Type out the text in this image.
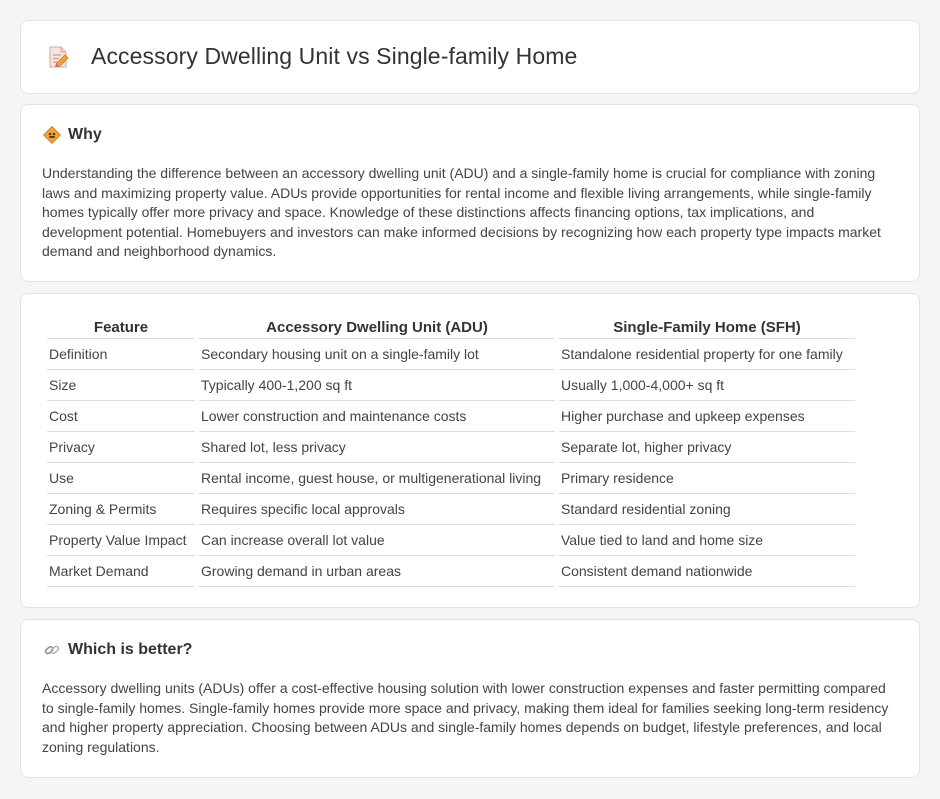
Accessory Dwelling Unit vs Single-family Home
Why

Understanding the difference between an accessory dwelling unit (ADU) and a single-family home is crucial for compliance with zoning laws and maximizing property value. ADUs provide opportunities for rental income and flexible living arrangements, while single-family homes typically offer more privacy and space. Knowledge of these distinctions affects financing options, tax implications, and development potential. Homebuyers and investors can make informed decisions by recognizing how each property type impacts market demand and neighborhood dynamics.

Feature	Accessory Dwelling Unit (ADU)	Single-Family Home (SFH)
Definition	Secondary housing unit on a single-family lot	Standalone residential property for one family
Size	Typically 400-1,200 sq ft	Usually 1,000-4,000+ sq ft
Cost	Lower construction and maintenance costs	Higher purchase and upkeep expenses
Privacy	Shared lot, less privacy	Separate lot, higher privacy
Use	Rental income, guest house, or multigenerational living	Primary residence
Zoning & Permits	Requires specific local approvals	Standard residential zoning
Property Value Impact	Can increase overall lot value	Value tied to land and home size
Market Demand	Growing demand in urban areas	Consistent demand nationwide
Which is better?

Accessory dwelling units (ADUs) offer a cost-effective housing solution with lower construction expenses and faster permitting compared to single-family homes. Single-family homes provide more space and privacy, making them ideal for families seeking long-term residency and higher property appreciation. Choosing between ADUs and single-family homes depends on budget, lifestyle preferences, and local zoning regulations.
